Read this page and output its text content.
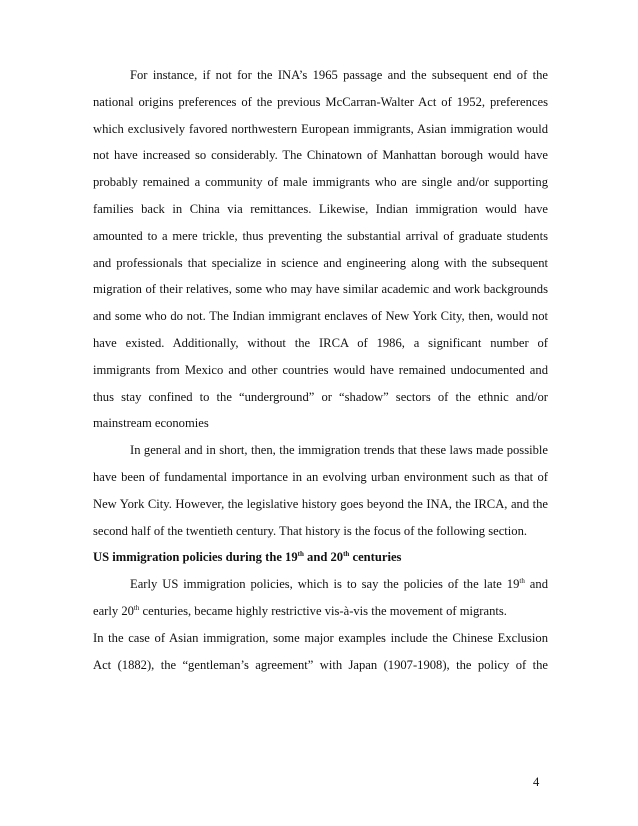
For instance, if not for the INA’s 1965 passage and the subsequent end of the
national origins preferences of the previous McCarran-Walter Act of 1952, preferences
which exclusively favored northwestern European immigrants, Asian immigration would
not have increased so considerably. The Chinatown of Manhattan borough would have
probably remained a community of male immigrants who are single and/or supporting
families back in China via remittances. Likewise, Indian immigration would have
amounted to a mere trickle, thus preventing the substantial arrival of graduate students
and professionals that specialize in science and engineering along with the subsequent
migration of their relatives, some who may have similar academic and work backgrounds
and some who do not. The Indian immigrant enclaves of New York City, then, would not
have existed. Additionally, without the IRCA of 1986, a significant number of
immigrants from Mexico and other countries would have remained undocumented and
thus stay confined to the “underground” or “shadow” sectors of the ethnic and/or
mainstream economies
In general and in short, then, the immigration trends that these laws made possible
have been of fundamental importance in an evolving urban environment such as that of
New York City. However, the legislative history goes beyond the INA, the IRCA, and the
second half of the twentieth century. That history is the focus of the following section.
US immigration policies during the 19th and 20th centuries
Early US immigration policies, which is to say the policies of the late 19th and
early 20th centuries, became highly restrictive vis-à-vis the movement of migrants.
In the case of Asian immigration, some major examples include the Chinese Exclusion
Act (1882), the “gentleman’s agreement” with Japan (1907-1908), the policy of the
4
